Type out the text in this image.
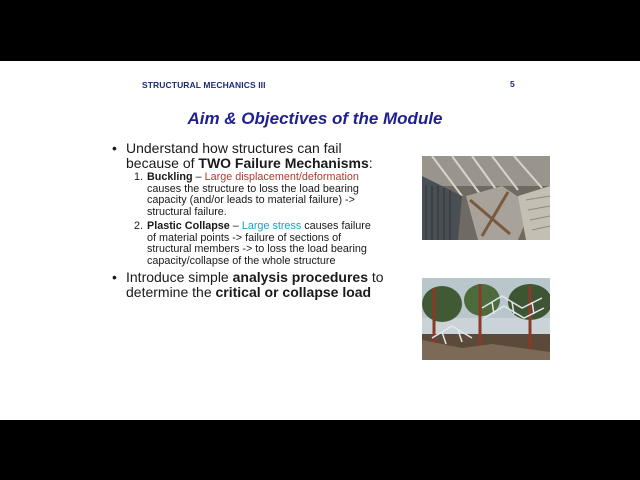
STRUCTURAL MECHANICS III	5
Aim & Objectives of the Module
• Understand how structures can fail
because of TWO Failure Mechanisms:
1. Buckling – Large displacement/deformation
causes the structure to loss the load bearing
capacity (and/or leads to material failure) ->
structural failure.
2. Plastic Collapse – Large stress causes failure
of material points -> failure of sections of
structural members -> to loss the load bearing
capacity/collapse of the whole structure
• Introduce simple analysis procedures to
determine the critical or collapse load
